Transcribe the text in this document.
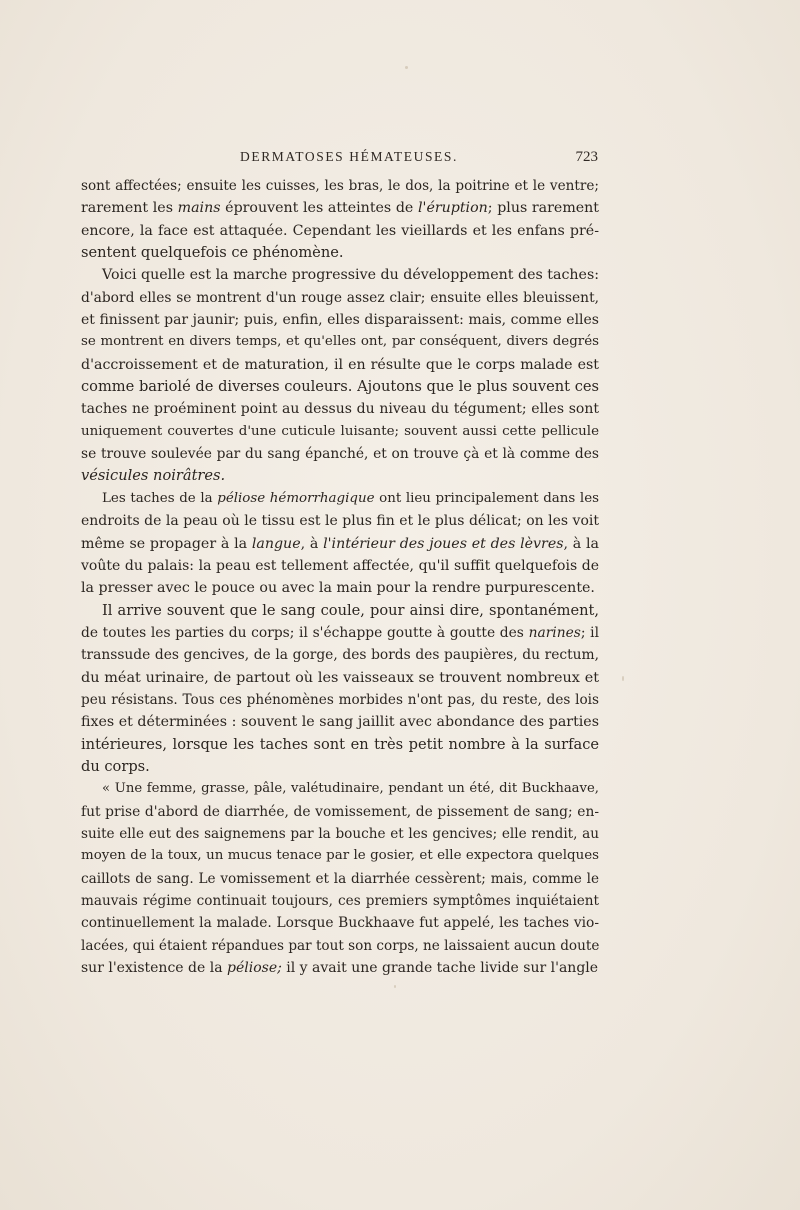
DERMATOSES HÉMATEUSES.	723
sont affectées; ensuite les cuisses, les bras, le dos, la poitrine et le ventre;
rarement les mains éprouvent les atteintes de l'éruption; plus rarement
encore, la face est attaquée. Cependant les vieillards et les enfans pré-
sentent quelquefois ce phénomène.
Voici quelle est la marche progressive du développement des taches:
d'abord elles se montrent d'un rouge assez clair; ensuite elles bleuissent,
et finissent par jaunir; puis, enfin, elles disparaissent: mais, comme elles
se montrent en divers temps, et qu'elles ont, par conséquent, divers degrés
d'accroissement et de maturation, il en résulte que le corps malade est
comme bariolé de diverses couleurs. Ajoutons que le plus souvent ces
taches ne proéminent point au dessus du niveau du tégument; elles sont
uniquement couvertes d'une cuticule luisante; souvent aussi cette pellicule
se trouve soulevée par du sang épanché, et on trouve çà et là comme des
vésicules noirâtres.
Les taches de la péliose hémorrhagique ont lieu principalement dans les
endroits de la peau où le tissu est le plus fin et le plus délicat; on les voit
même se propager à la langue, à l'intérieur des joues et des lèvres, à la
voûte du palais: la peau est tellement affectée, qu'il suffit quelquefois de
la presser avec le pouce ou avec la main pour la rendre purpurescente.
Il arrive souvent que le sang coule, pour ainsi dire, spontanément,
de toutes les parties du corps; il s'échappe goutte à goutte des narines; il
transsude des gencives, de la gorge, des bords des paupières, du rectum,
du méat urinaire, de partout où les vaisseaux se trouvent nombreux et
peu résistans. Tous ces phénomènes morbides n'ont pas, du reste, des lois
fixes et déterminées : souvent le sang jaillit avec abondance des parties
intérieures, lorsque les taches sont en très petit nombre à la surface
du corps.
« Une femme, grasse, pâle, valétudinaire, pendant un été, dit Buckhaave,
fut prise d'abord de diarrhée, de vomissement, de pissement de sang; en-
suite elle eut des saignemens par la bouche et les gencives; elle rendit, au
moyen de la toux, un mucus tenace par le gosier, et elle expectora quelques
caillots de sang. Le vomissement et la diarrhée cessèrent; mais, comme le
mauvais régime continuait toujours, ces premiers symptômes inquiétaient
continuellement la malade. Lorsque Buckhaave fut appelé, les taches vio-
lacées, qui étaient répandues par tout son corps, ne laissaient aucun doute
sur l'existence de la péliose; il y avait une grande tache livide sur l'angle
